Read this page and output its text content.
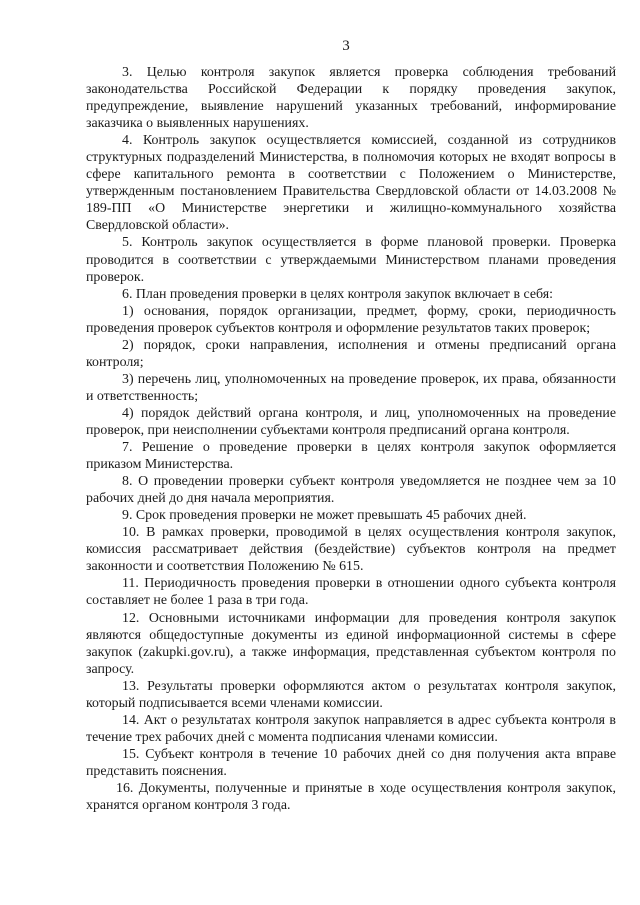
3

3. Целью контроля закупок является проверка соблюдения требований законодательства Российской Федерации к порядку проведения закупок, предупреждение, выявление нарушений указанных требований, информирование заказчика о выявленных нарушениях.

4. Контроль закупок осуществляется комиссией, созданной из сотрудников структурных подразделений Министерства, в полномочия которых не входят вопросы в сфере капитального ремонта в соответствии с Положением о Министерстве, утвержденным постановлением Правительства Свердловской области от 14.03.2008 № 189-ПП «О Министерстве энергетики и жилищно-коммунального хозяйства Свердловской области».

5. Контроль закупок осуществляется в форме плановой проверки. Проверка проводится в соответствии с утверждаемыми Министерством планами проведения проверок.

6. План проведения проверки в целях контроля закупок включает в себя:

1) основания, порядок организации, предмет, форму, сроки, периодичность проведения проверок субъектов контроля и оформление результатов таких проверок;

2) порядок, сроки направления, исполнения и отмены предписаний органа контроля;

3) перечень лиц, уполномоченных на проведение проверок, их права, обязанности и ответственность;

4) порядок действий органа контроля, и лиц, уполномоченных на проведение проверок, при неисполнении субъектами контроля предписаний органа контроля.

7. Решение о проведение проверки в целях контроля закупок оформляется приказом Министерства.

8. О проведении проверки субъект контроля уведомляется не позднее чем за 10 рабочих дней до дня начала мероприятия.

9. Срок проведения проверки не может превышать 45 рабочих дней.

10. В рамках проверки, проводимой в целях осуществления контроля закупок, комиссия рассматривает действия (бездействие) субъектов контроля на предмет законности и соответствия Положению № 615.

11. Периодичность проведения проверки в отношении одного субъекта контроля составляет не более 1 раза в три года.

12. Основными источниками информации для проведения контроля закупок являются общедоступные документы из единой информационной системы в сфере закупок (zakupki.gov.ru), а также информация, представленная субъектом контроля по запросу.

13. Результаты проверки оформляются актом о результатах контроля закупок, который подписывается всеми членами комиссии.

14. Акт о результатах контроля закупок направляется в адрес субъекта контроля в течение трех рабочих дней с момента подписания членами комиссии.

15. Субъект контроля в течение 10 рабочих дней со дня получения акта вправе представить пояснения.

16. Документы, полученные и принятые в ходе осуществления контроля закупок, хранятся органом контроля 3 года.
